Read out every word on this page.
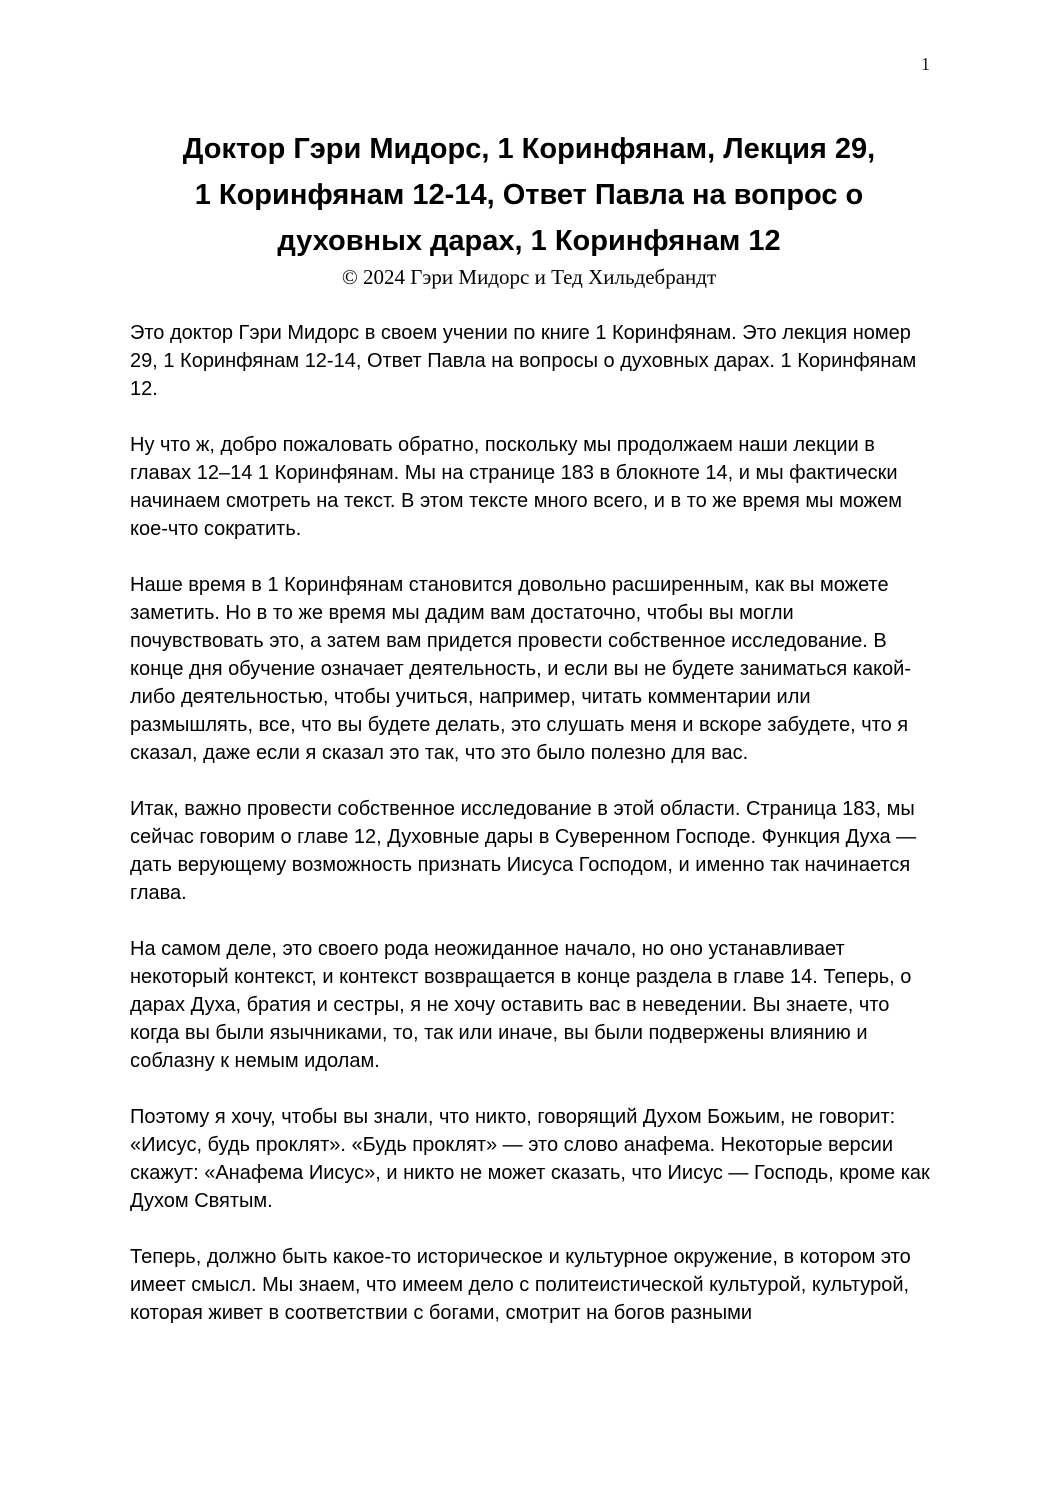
1
Доктор Гэри Мидорс, 1 Коринфянам, Лекция 29,
1 Коринфянам 12-14, Ответ Павла на вопрос о
духовных дарах, 1 Коринфянам 12
© 2024 Гэри Мидорс и Тед Хильдебрандт

Это доктор Гэри Мидорс в своем учении по книге 1 Коринфянам. Это лекция номер 29, 1 Коринфянам 12-14, Ответ Павла на вопросы о духовных дарах. 1 Коринфянам 12.

Ну что ж, добро пожаловать обратно, поскольку мы продолжаем наши лекции в главах 12–14 1 Коринфянам. Мы на странице 183 в блокноте 14, и мы фактически начинаем смотреть на текст. В этом тексте много всего, и в то же время мы можем кое-что сократить.

Наше время в 1 Коринфянам становится довольно расширенным, как вы можете заметить. Но в то же время мы дадим вам достаточно, чтобы вы могли почувствовать это, а затем вам придется провести собственное исследование. В конце дня обучение означает деятельность, и если вы не будете заниматься какой-либо деятельностью, чтобы учиться, например, читать комментарии или размышлять, все, что вы будете делать, это слушать меня и вскоре забудете, что я сказал, даже если я сказал это так, что это было полезно для вас.

Итак, важно провести собственное исследование в этой области. Страница 183, мы сейчас говорим о главе 12, Духовные дары в Суверенном Господе. Функция Духа — дать верующему возможность признать Иисуса Господом, и именно так начинается глава.

На самом деле, это своего рода неожиданное начало, но оно устанавливает некоторый контекст, и контекст возвращается в конце раздела в главе 14. Теперь, о дарах Духа, братия и сестры, я не хочу оставить вас в неведении. Вы знаете, что когда вы были язычниками, то, так или иначе, вы были подвержены влиянию и соблазну к немым идолам.

Поэтому я хочу, чтобы вы знали, что никто, говорящий Духом Божьим, не говорит: «Иисус, будь проклят». «Будь проклят» — это слово анафема. Некоторые версии скажут: «Анафема Иисус», и никто не может сказать, что Иисус — Господь, кроме как Духом Святым.

Теперь, должно быть какое-то историческое и культурное окружение, в котором это имеет смысл. Мы знаем, что имеем дело с политеистической культурой, культурой, которая живет в соответствии с богами, смотрит на богов разными
